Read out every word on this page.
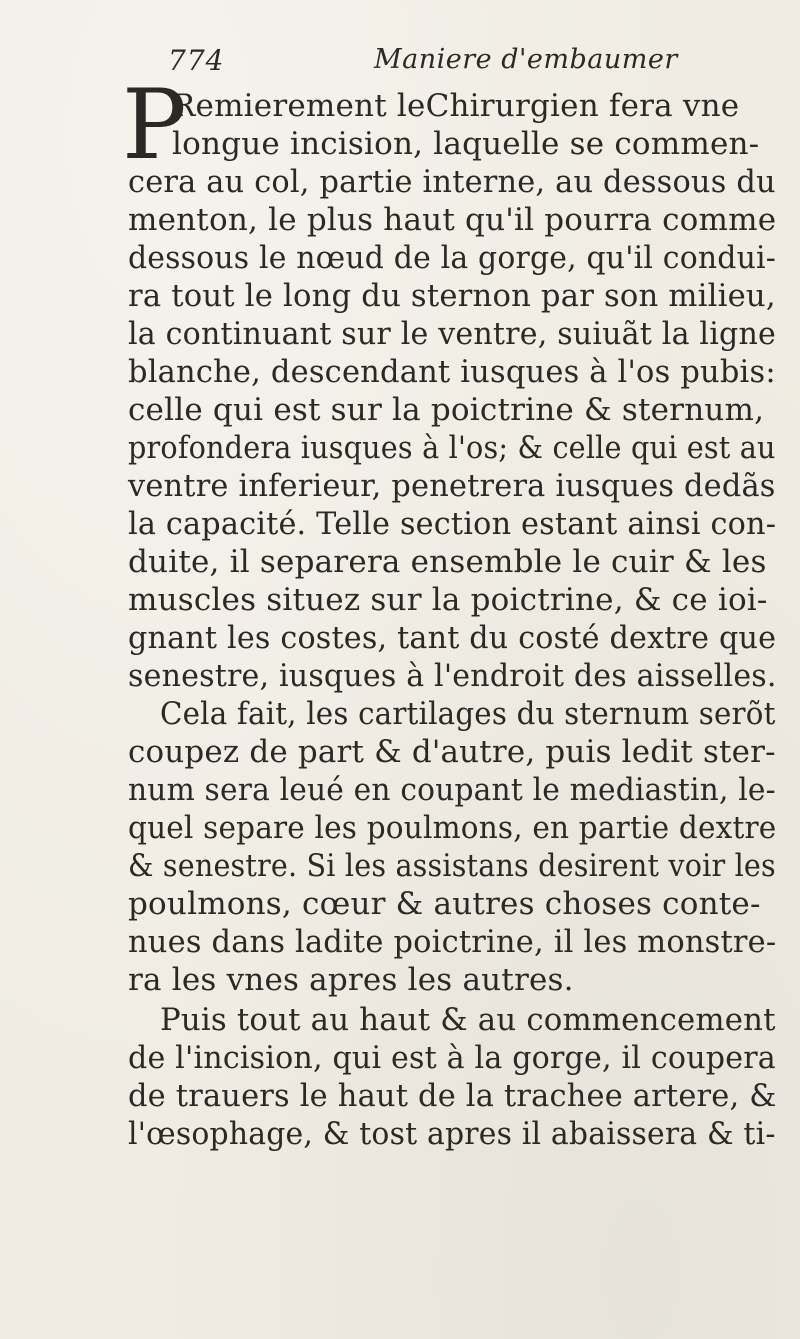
774	Maniere d'embaumer
P
Remierement leChirurgien fera vne
longue incision, laquelle se commen-
cera au col, partie interne, au dessous du
menton, le plus haut qu'il pourra comme
dessous le nœud de la gorge, qu'il condui-
ra tout le long du sternon par son milieu,
la continuant sur le ventre, suiuãt la ligne
blanche, descendant iusques à l'os pubis:
celle qui est sur la poictrine & sternum,
profondera iusques à l'os; & celle qui est au
ventre inferieur, penetrera iusques dedãs
la capacité. Telle section estant ainsi con-
duite, il separera ensemble le cuir & les
muscles situez sur la poictrine, & ce ioi-
gnant les costes, tant du costé dextre que
senestre, iusques à l'endroit des aisselles.
Cela fait, les cartilages du sternum serõt
coupez de part & d'autre, puis ledit ster-
num sera leué en coupant le mediastin, le-
quel separe les poulmons, en partie dextre
& senestre. Si les assistans desirent voir les
poulmons, cœur & autres choses conte-
nues dans ladite poictrine, il les monstre-
ra les vnes apres les autres.
Puis tout au haut & au commencement
de l'incision, qui est à la gorge, il coupera
de trauers le haut de la trachee artere, &
l'œsophage, & tost apres il abaissera & ti-
